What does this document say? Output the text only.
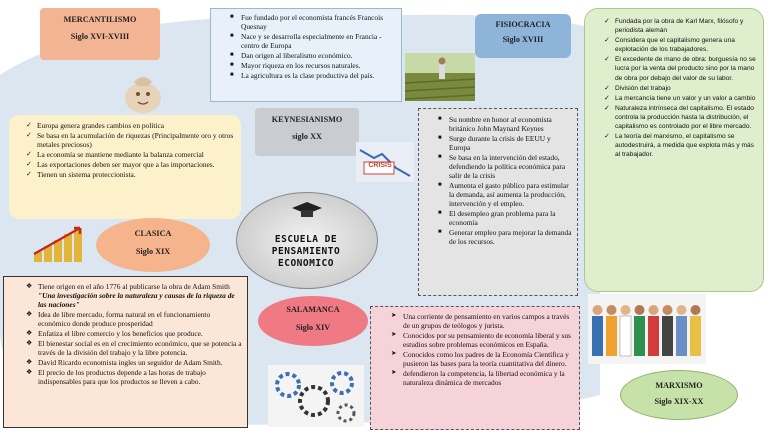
MERCANTILISMO
Siglo XVI-XVIII
✓ Europa genera grandes cambios en política
✓ Se basa en la acumulación de riquezas (Principalmente oro y otros metales preciosos)
✓ La economía se mantiene mediante la balanza comercial
✓ Las exportaciones deben ser mayor que a las importaciones.
✓ Tienen un sistema proteccionista.
■ Fue fundado por el economista francés Francois Quesnay
■ Nace y se desarrolla especialmente en Francia - centro de Europa
■ Dan origen al liberalismo económico.
■ Mayor riqueza en los recursos naturales.
■ La agricultura es la clase productiva del país.
FISIOCRACIA
Siglo XVIII
✓ Fundada por la obra de Karl Marx, filósofo y periodista alemán
✓ Considera que el capitalismo genera una explotación de los trabajadores.
✓ El excedente de mano de obra: burguesía no se lucra por la venta del producto sino por la mano de obra por debajo del valor de su labor.
✓ División del trabajo
✓ La mercancía tiene un valor y un valor a cambio
✓ Naturaleza intrínseca del capitalismo. El estado controla la producción hasta la distribución, el capitalismo es controlado por el libre mercado.
✓ La teoría del marxismo, el capitalismo se autodestruirá, a medida que explota más y más al trabajador.
MARXISMO
Siglo XIX-XX
KEYNESIANISMO
siglo XX
CRISIS
■ Su nombre en honor al economista británico John Maynard Keynes
■ Surge durante la crisis de EEUU y Europa
■ Se basa en la intervención del estado, defendiendo la política económica para salir de la crisis
■ Aumenta el gasto público para estimular la demanda, así aumenta la producción, intervención y el empleo.
■ El desempleo gran problema para la economía
■ Generar empleo para mejorar la demanda de los recursos.
ESCUELA DE PENSAMIENTO ECONOMICO
CLASICA
Siglo XIX
❖ Tiene origen en el año 1776 al publicarse la obra de Adam Smith "Una investigación sobre la naturaleza y causas de la riqueza de las naciones"
❖ Idea de libre mercado, forma natural en el funcionamiento económico donde produce prosperidad
❖ Enfatiza el libre comercio y los beneficios que produce.
❖ El bienestar social es en el crecimiento económico, que se potencia a través de la división del trabajo y la libre potencia.
❖ David Ricardo economista ingles un seguidor de Adam Smith.
❖ El precio de los productos depende a las horas de trabajo indispensables para que los productos se lleven a cabo.
SALAMANCA
Siglo XIV
➤ Una corriente de pensamiento en varios campos a través de un grupos de teólogos y jurista.
➤ Conocidos por su pensamiento de economía liberal y sus estudios sobre problemas económicos en España.
➤ Conocidos como los padres de la Economía Científica y pusieron las bases para la teoría cuantitativa del dinero.
➤ defendieron la competencia, la libertad económica y la naturaleza dinámica de mercados
